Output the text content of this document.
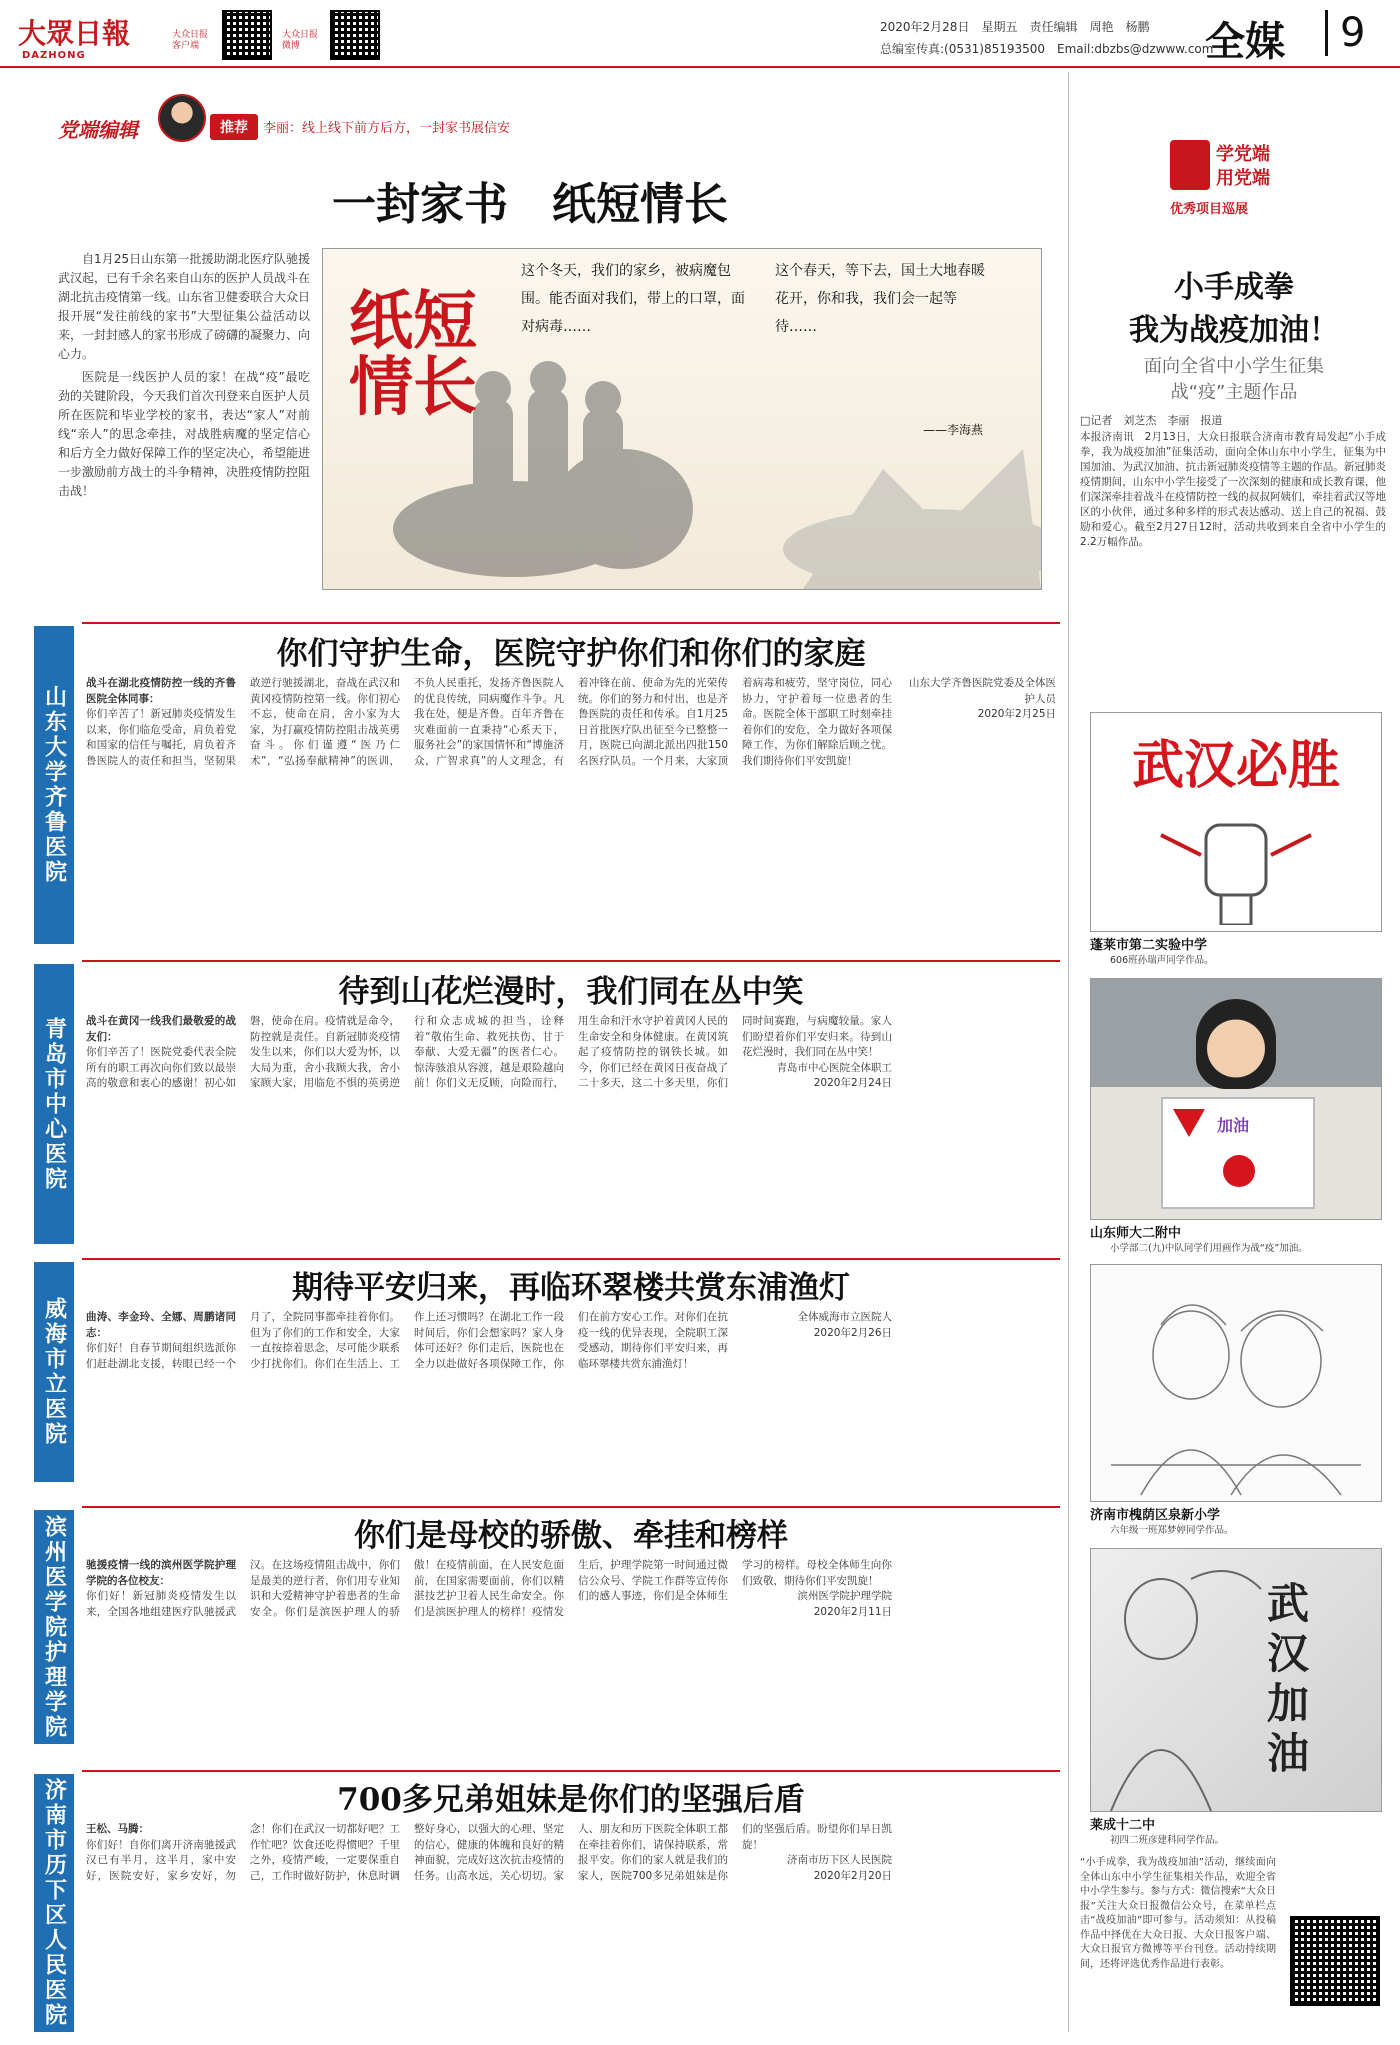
大眾日報
DAZHONG
大众日报 客户端
大众日报 微博
2020年2月28日　星期五　责任编辑　周艳　杨鹏
总编室传真:(0531)85193500　Email:dbzbs@dzwww.com
全媒	9
党端编辑	推荐	李丽：线上线下前方后方，一封家书展信安
一封家书　纸短情长

自1月25日山东第一批援助湖北医疗队驰援武汉起，已有千余名来自山东的医护人员战斗在湖北抗击疫情第一线。山东省卫健委联合大众日报开展“发往前线的家书”大型征集公益活动以来，一封封感人的家书形成了磅礴的凝聚力、向心力。

医院是一线医护人员的家！在战“疫”最吃劲的关键阶段，今天我们首次刊登来自医护人员所在医院和毕业学校的家书，表达“家人”对前线“亲人”的思念牵挂，对战胜病魔的坚定信心和后方全力做好保障工作的坚定决心，希望能进一步激励前方战士的斗争精神，决胜疫情防控阻击战！

纸短情长
这个冬天，我们的家乡，被病魔包围。能否面对我们，带上的口罩，面对病毒……
这个春天，等下去，国土大地春暖花开，你和我，我们会一起等待……
——李海燕
山东大学齐鲁医院
你们守护生命，医院守护你们和你们的家庭
战斗在湖北疫情防控一线的齐鲁医院全体同事：
你们辛苦了！新冠肺炎疫情发生以来，你们临危受命，肩负着党和国家的信任与嘱托，肩负着齐鲁医院人的责任和担当，坚韧果敢逆行驰援湖北，奋战在武汉和黄冈疫情防控第一线。你们初心不忘，使命在肩，舍小家为大家，为打赢疫情防控阻击战英勇奋斗。你们谨遵“医乃仁术”，“弘扬奉献精神”的医训，不负人民重托，发扬齐鲁医院人的优良传统，同病魔作斗争。凡我在处，便是齐鲁。百年齐鲁在灾难面前一直秉持“心系天下，服务社会”的家国情怀和“博施济众，广智求真”的人文理念，有着冲锋在前、使命为先的光荣传统。你们的努力和付出，也是齐鲁医院的责任和传承。自1月25日首批医疗队出征至今已整整一月，医院已向湖北派出四批150名医疗队员。一个月来，大家顶着病毒和疲劳，坚守岗位，同心协力，守护着每一位患者的生命。医院全体干部职工时刻牵挂着你们的安危，全力做好各项保障工作，为你们解除后顾之忧。我们期待你们平安凯旋！

山东大学齐鲁医院党委及全体医护人员
2020年2月25日
青岛市中心医院
待到山花烂漫时，我们同在丛中笑
战斗在黄冈一线我们最敬爱的战友们：
你们辛苦了！医院党委代表全院所有的职工再次向你们致以最崇高的敬意和衷心的感谢！初心如磐，使命在肩。疫情就是命令，防控就是责任。自新冠肺炎疫情发生以来，你们以大爱为怀，以大局为重，舍小我顾大我，舍小家顾大家，用临危不惧的英勇逆行和众志成城的担当，诠释着“敬佑生命、救死扶伤、甘于奉献、大爱无疆”的医者仁心。惊涛骇浪从容渡，越是艰险越向前！你们义无反顾，向险而行，用生命和汗水守护着黄冈人民的生命安全和身体健康。在黄冈筑起了疫情防控的钢铁长城。如今，你们已经在黄冈日夜奋战了二十多天，这二十多天里，你们同时间赛跑，与病魔较量。家人们盼望着你们平安归来。待到山花烂漫时，我们同在丛中笑！

青岛市中心医院全体职工
2020年2月24日
威海市立医院
期待平安归来，再临环翠楼共赏东浦渔灯
曲涛、李金玲、全娜、周鹏诸同志：
你们好！自春节期间组织选派你们赶赴湖北支援，转眼已经一个月了，全院同事都牵挂着你们。但为了你们的工作和安全，大家一直按捺着思念，尽可能少联系少打扰你们。你们在生活上、工作上还习惯吗？在湖北工作一段时间后，你们会想家吗？家人身体可还好？你们走后，医院也在全力以赴做好各项保障工作，你们在前方安心工作。对你们在抗疫一线的优异表现，全院职工深受感动，期待你们平安归来，再临环翠楼共赏东浦渔灯！

全体威海市立医院人
2020年2月26日
滨州医学院护理学院	你们是母校的骄傲、牵挂和榜样
驰援疫情一线的滨州医学院护理学院的各位校友：
你们好！新冠肺炎疫情发生以来，全国各地组建医疗队驰援武汉。在这场疫情阻击战中，你们是最美的逆行者，你们用专业知识和大爱精神守护着患者的生命安全。你们是滨医护理人的骄傲！在疫情前面，在人民安危面前，在国家需要面前，你们以精湛技艺护卫着人民生命安全。你们是滨医护理人的榜样！疫情发生后，护理学院第一时间通过微信公众号、学院工作群等宣传你们的感人事迹，你们是全体师生学习的榜样。母校全体师生向你们致敬，期待你们平安凯旋！

滨州医学院护理学院
2020年2月11日
济南市历下区人民医院	700多兄弟姐妹是你们的坚强后盾
王松、马腾：
你们好！自你们离开济南驰援武汉已有半月，这半月，家中安好，医院安好，家乡安好，勿念！你们在武汉一切都好吧？工作忙吧？饮食还吃得惯吧？千里之外，疫情严峻，一定要保重自己，工作时做好防护，休息时调整好身心，以强大的心理、坚定的信心，健康的体魄和良好的精神面貌，完成好这次抗击疫情的任务。山高水远，关心切切。家人、朋友和历下医院全体职工都在牵挂着你们，请保持联系，常报平安。你们的家人就是我们的家人，医院700多兄弟姐妹是你们的坚强后盾。盼望你们早日凯旋！

济南市历下区人民医院
2020年2月20日
学党端
用党端
优秀项目巡展
小手成拳
我为战疫加油！
面向全省中小学生征集
战“疫”主题作品
□记者　刘芝杰　李丽　报道
本报济南讯　2月13日，大众日报联合济南市教育局发起“小手成拳，我为战疫加油”征集活动，面向全体山东中小学生，征集为中国加油、为武汉加油、抗击新冠肺炎疫情等主题的作品。新冠肺炎疫情期间，山东中小学生接受了一次深刻的健康和成长教育课，他们深深牵挂着战斗在疫情防控一线的叔叔阿姨们，牵挂着武汉等地区的小伙伴，通过多种多样的形式表达感动、送上自己的祝福、鼓励和爱心。截至2月27日12时，活动共收到来自全省中小学生的2.2万幅作品。
武汉必胜
蓬莱市第二实验中学
606班孙瑞声同学作品。
加油
山东师大二附中
小学部二(九)中队同学们用画作为战“疫”加油。
济南市槐荫区泉新小学
六年级一班郑梦婷同学作品。
武汉加油
莱成十二中
初四二班彦建科同学作品。
“小手成拳，我为战疫加油”活动，继续面向全体山东中小学生征集相关作品，欢迎全省中小学生参与。参与方式：微信搜索“大众日报”关注大众日报微信公众号，在菜单栏点击“战疫加油”即可参与。活动须知：从投稿作品中择优在大众日报、大众日报客户端、大众日报官方微博等平台刊登。活动持续期间，还将评选优秀作品进行表彰。
